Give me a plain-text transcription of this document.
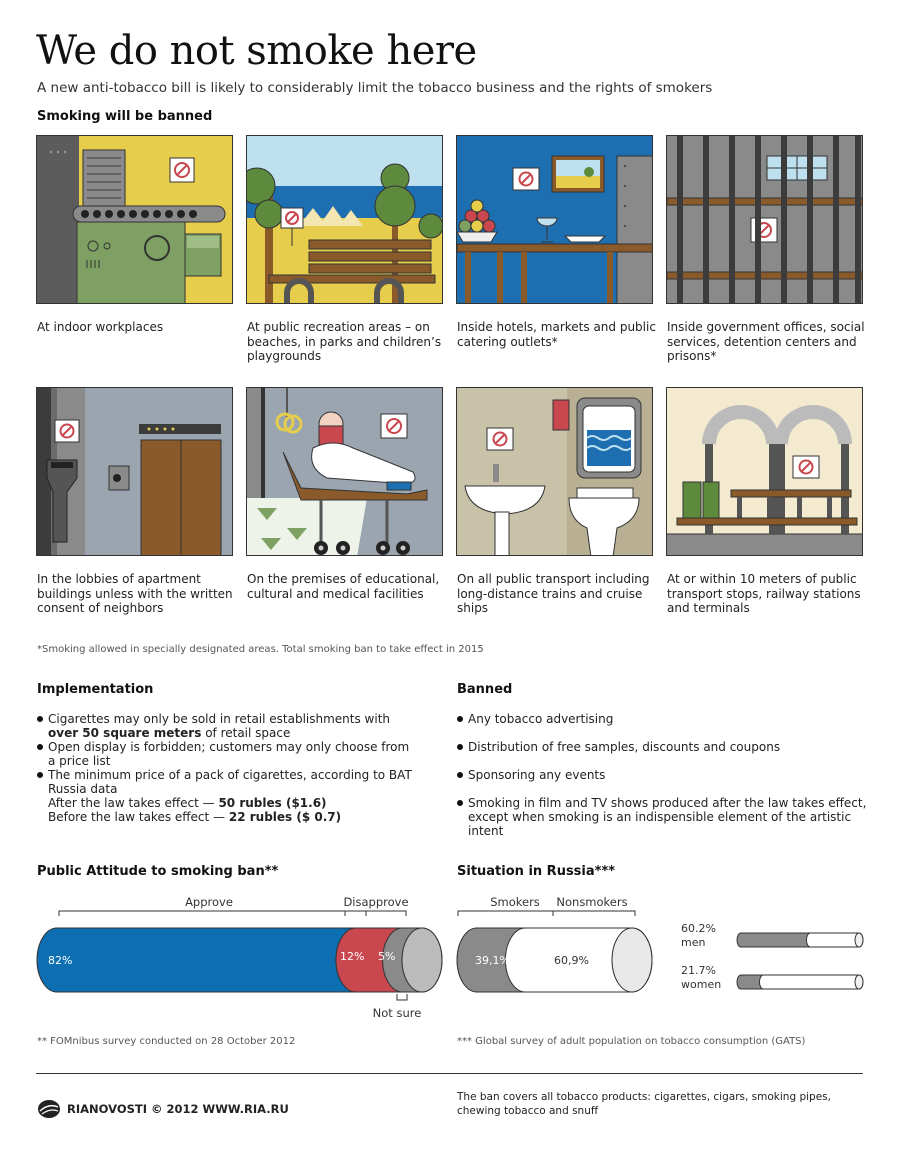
We do not smoke here
A new anti-tobacco bill is likely to considerably limit the tobacco business and the rights of smokers
Smoking will be banned
At indoor workplaces	At public recreation areas – on beaches, in parks and children’s playgrounds
Inside hotels, markets and public catering outlets*
Inside government offices, social services, detention centers and prisons*
In the lobbies of apartment buildings unless with the written consent of neighbors
On the premises of educational, cultural and medical facilities
On all public transport including long-distance trains and cruise ships
At or within 10 meters of public transport stops, railway stations and terminals
*Smoking allowed in specially designated areas. Total smoking ban to take effect in 2015
Implementation
Cigarettes may only be sold in retail establishments with over 50 square meters of retail space
Open display is forbidden; customers may only choose from a price list
The minimum price of a pack of cigarettes, according to BAT Russia data
After the law takes effect — 50 rubles ($1.6)
Before the law takes effect — 22 rubles ($ 0.7)
Banned
Any tobacco advertising
Distribution of free samples, discounts and coupons
Sponsoring any events
Smoking in film and TV shows produced after the law takes effect, except when smoking is an indispensible element of the artistic intent
Public Attitude to smoking ban**
Approve	Disapprove
Not sure
82%	12% 5%
** FOMnibus survey conducted on 28 October 2012
Situation in Russia***
Smokers Nonsmokers
39,1%	60,9%
60.2%
men
21.7%
women
*** Global survey of adult population on tobacco consumption (GATS)
RIANOVOSTI © 2012 WWW.RIA.RU
The ban covers all tobacco products: cigarettes, cigars, smoking pipes, chewing tobacco and snuff
